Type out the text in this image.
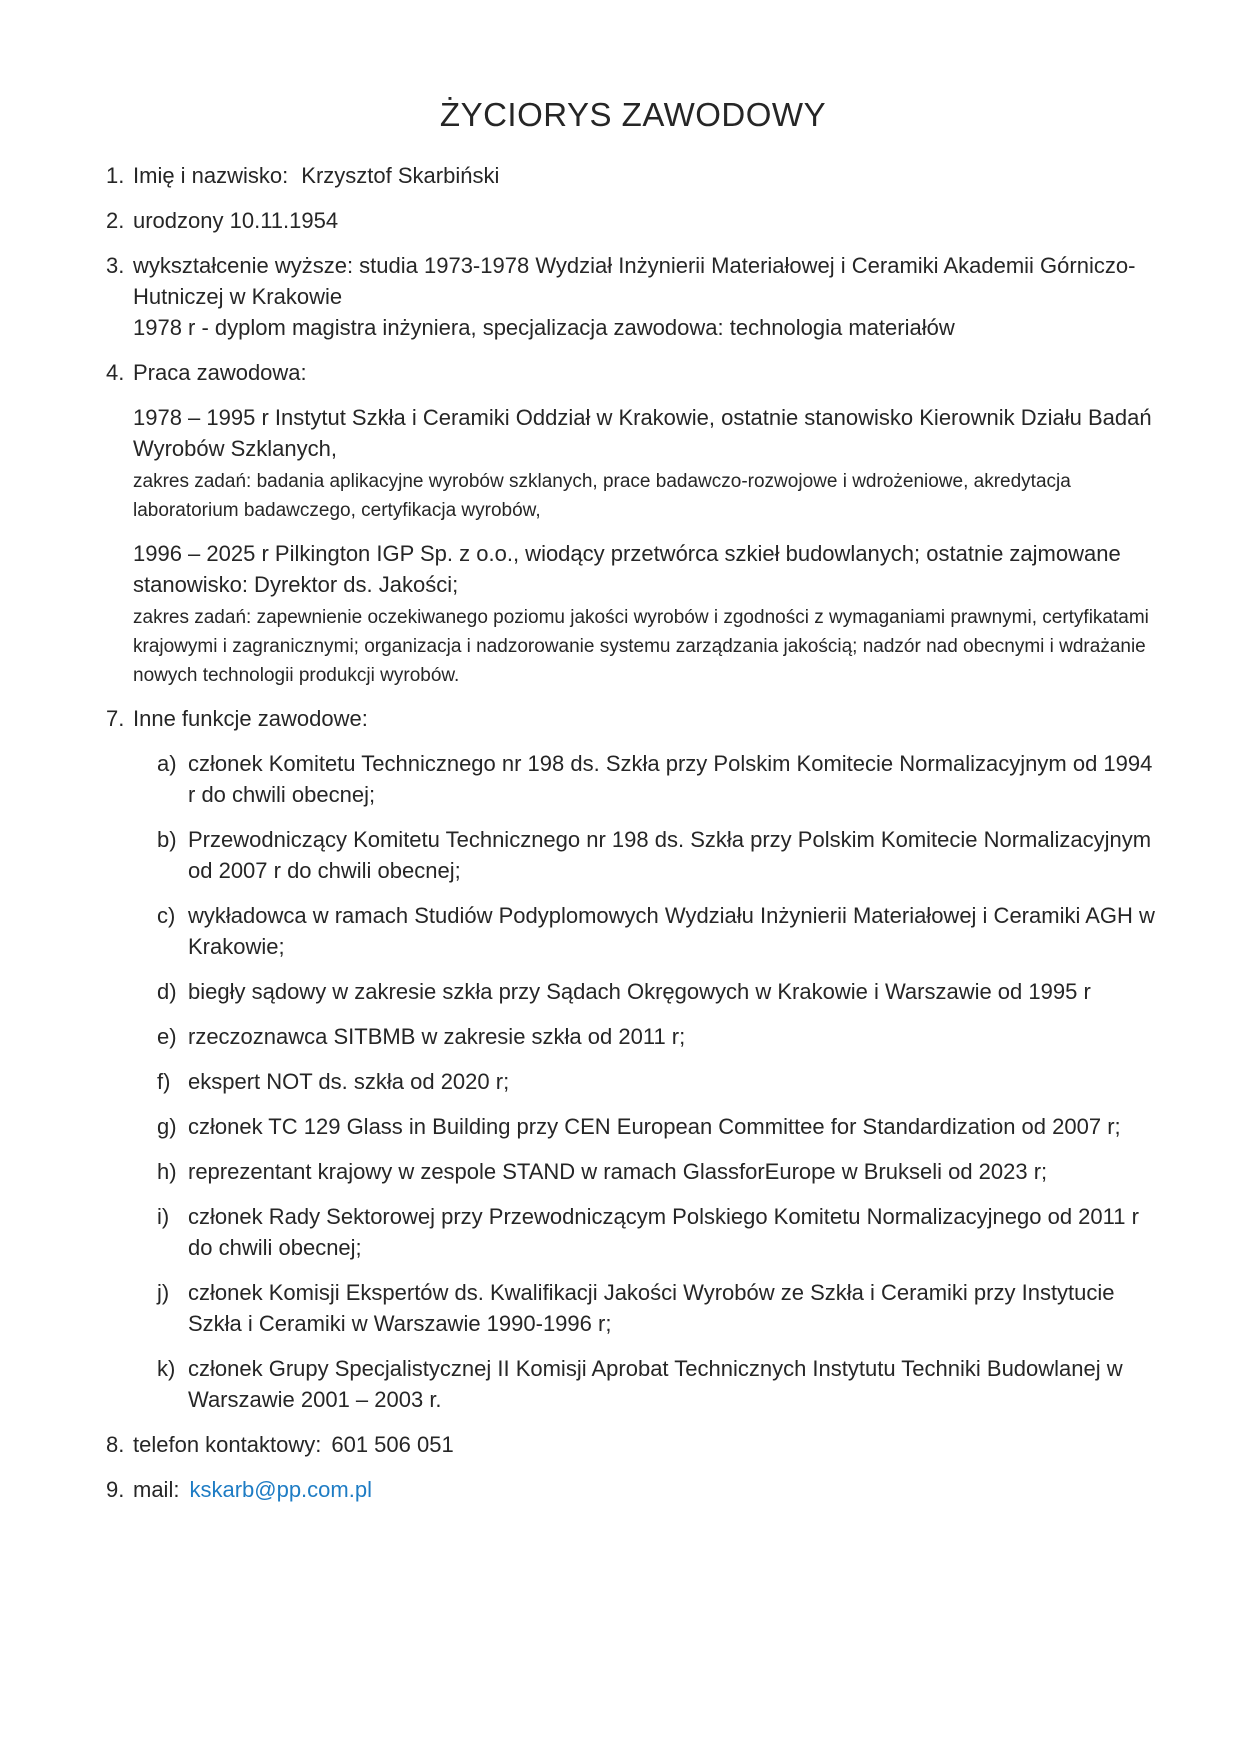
ŻYCIORYS ZAWODOWY
1. Imię i nazwisko: Krzysztof Skarbiński

2. urodzony 10.11.1954

3. wykształcenie wyższe: studia 1973-1978 Wydział Inżynierii Materiałowej i Ceramiki Akademii Górniczo-Hutniczej w Krakowie

1978 r - dyplom magistra inżyniera, specjalizacja zawodowa: technologia materiałów

4. Praca zawodowa:

1978 – 1995 r Instytut Szkła i Ceramiki Oddział w Krakowie, ostatnie stanowisko Kierownik Działu Badań Wyrobów Szklanych,

zakres zadań: badania aplikacyjne wyrobów szklanych, prace badawczo-rozwojowe i wdrożeniowe, akredytacja laboratorium badawczego, certyfikacja wyrobów,

1996 – 2025 r Pilkington IGP Sp. z o.o., wiodący przetwórca szkieł budowlanych; ostatnie zajmowane stanowisko: Dyrektor ds. Jakości;

zakres zadań: zapewnienie oczekiwanego poziomu jakości wyrobów i zgodności z wymaganiami prawnymi, certyfikatami krajowymi i zagranicznymi; organizacja i nadzorowanie systemu zarządzania jakością; nadzór nad obecnymi i wdrażanie nowych technologii produkcji wyrobów.

7. Inne funkcje zawodowe:

a) członek Komitetu Technicznego nr 198 ds. Szkła przy Polskim Komitecie Normalizacyjnym od 1994 r do chwili obecnej;
b) Przewodniczący Komitetu Technicznego nr 198 ds. Szkła przy Polskim Komitecie Normalizacyjnym od 2007 r do chwili obecnej;
c) wykładowca w ramach Studiów Podyplomowych Wydziału Inżynierii Materiałowej i Ceramiki AGH w Krakowie;
d) biegły sądowy w zakresie szkła przy Sądach Okręgowych w Krakowie i Warszawie od 1995 r
e) rzeczoznawca SITBMB w zakresie szkła od 2011 r;
f) ekspert NOT ds. szkła od 2020 r;
g) członek TC 129 Glass in Building przy CEN European Committee for Standardization od 2007 r;
h) reprezentant krajowy w zespole STAND w ramach GlassforEurope w Brukseli od 2023 r;
i) członek Rady Sektorowej przy Przewodniczącym Polskiego Komitetu Normalizacyjnego od 2011 r do chwili obecnej;
j) członek Komisji Ekspertów ds. Kwalifikacji Jakości Wyrobów ze Szkła i Ceramiki przy Instytucie Szkła i Ceramiki w Warszawie 1990-1996 r;
k) członek Grupy Specjalistycznej II Komisji Aprobat Technicznych Instytutu Techniki Budowlanej w Warszawie 2001 – 2003 r.
8. telefon kontaktowy: 601 506 051

9. mail: kskarb@pp.com.pl
